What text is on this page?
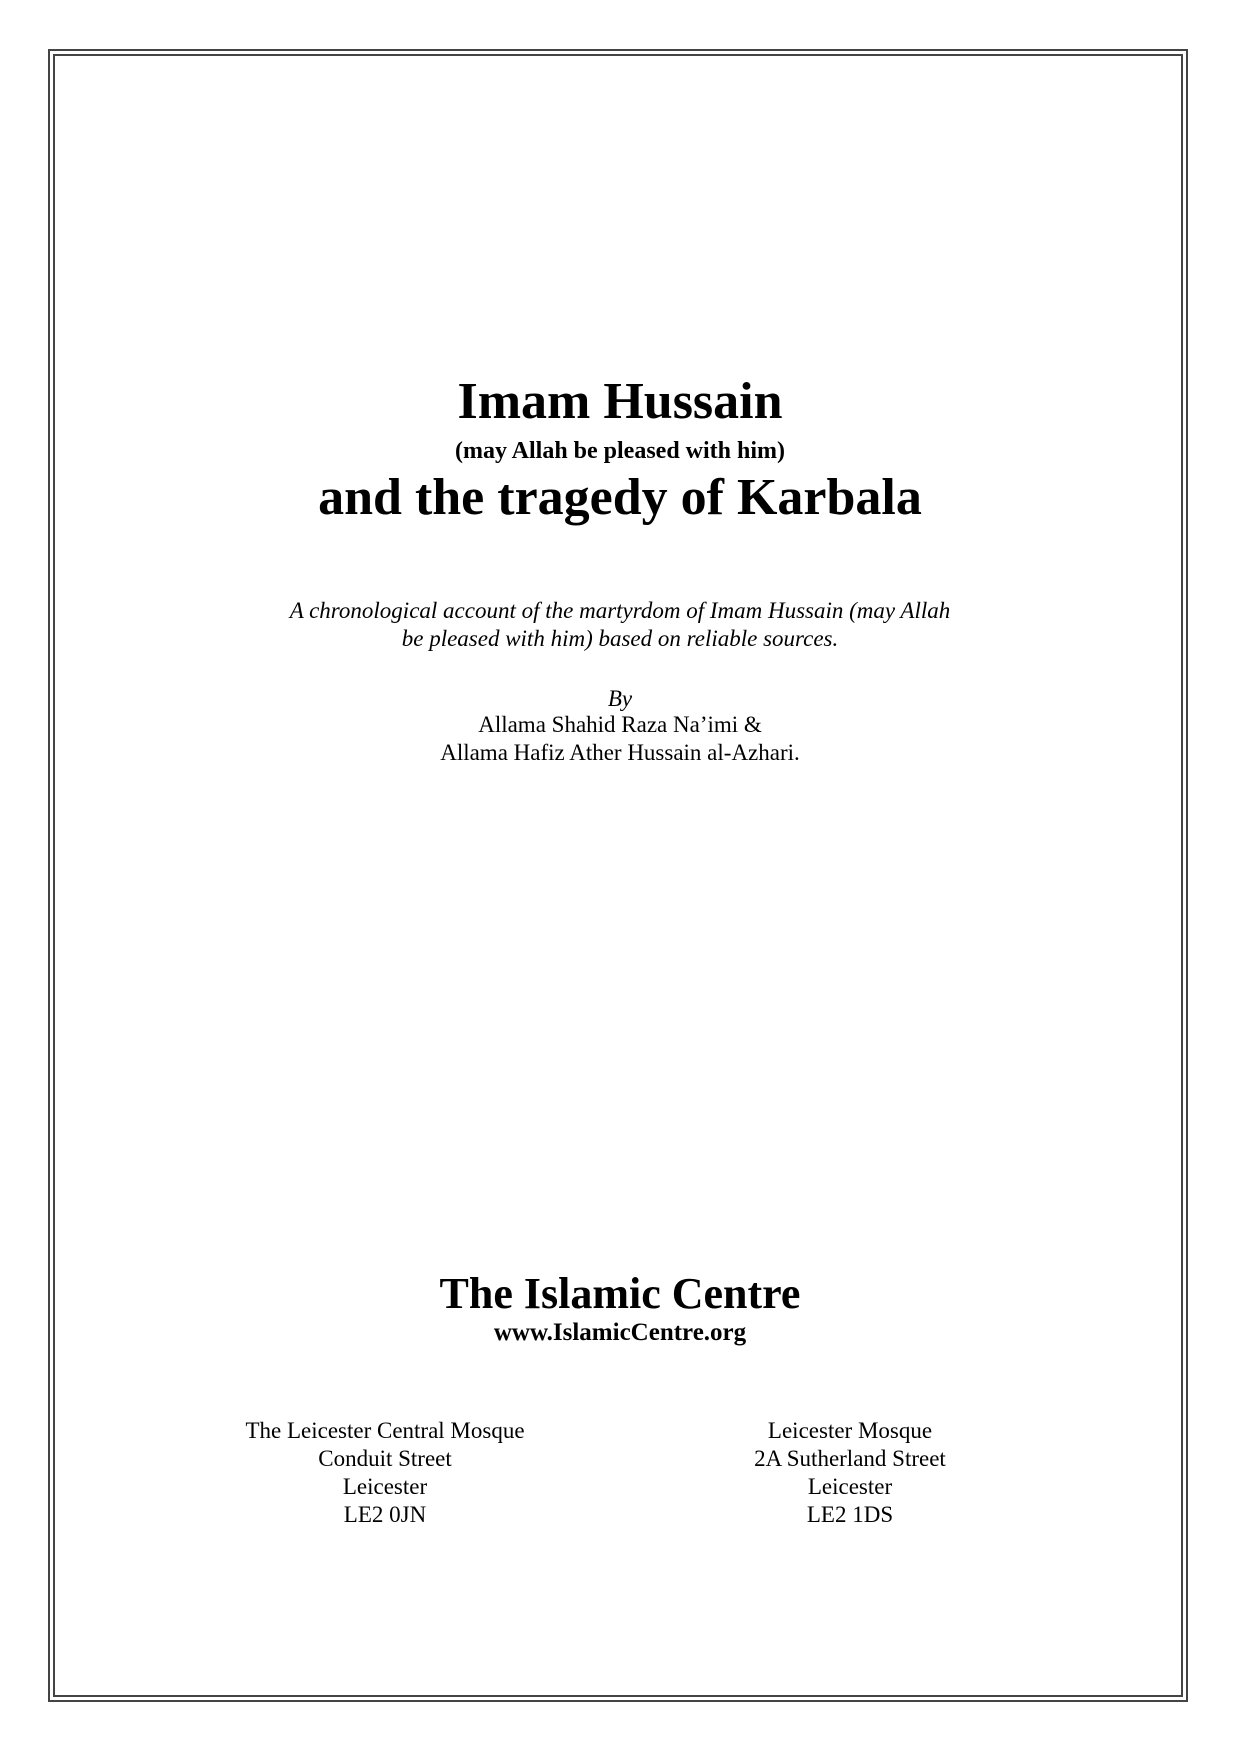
Imam Hussain
(may Allah be pleased with him)
and the tragedy of Karbala
A chronological account of the martyrdom of Imam Hussain (may Allah
be pleased with him) based on reliable sources.
By
Allama Shahid Raza Na’imi &
Allama Hafiz Ather Hussain al-Azhari.
The Islamic Centre
www.IslamicCentre.org
The Leicester Central Mosque
Conduit Street
Leicester
LE2 0JN
Leicester Mosque
2A Sutherland Street
Leicester
LE2 1DS
